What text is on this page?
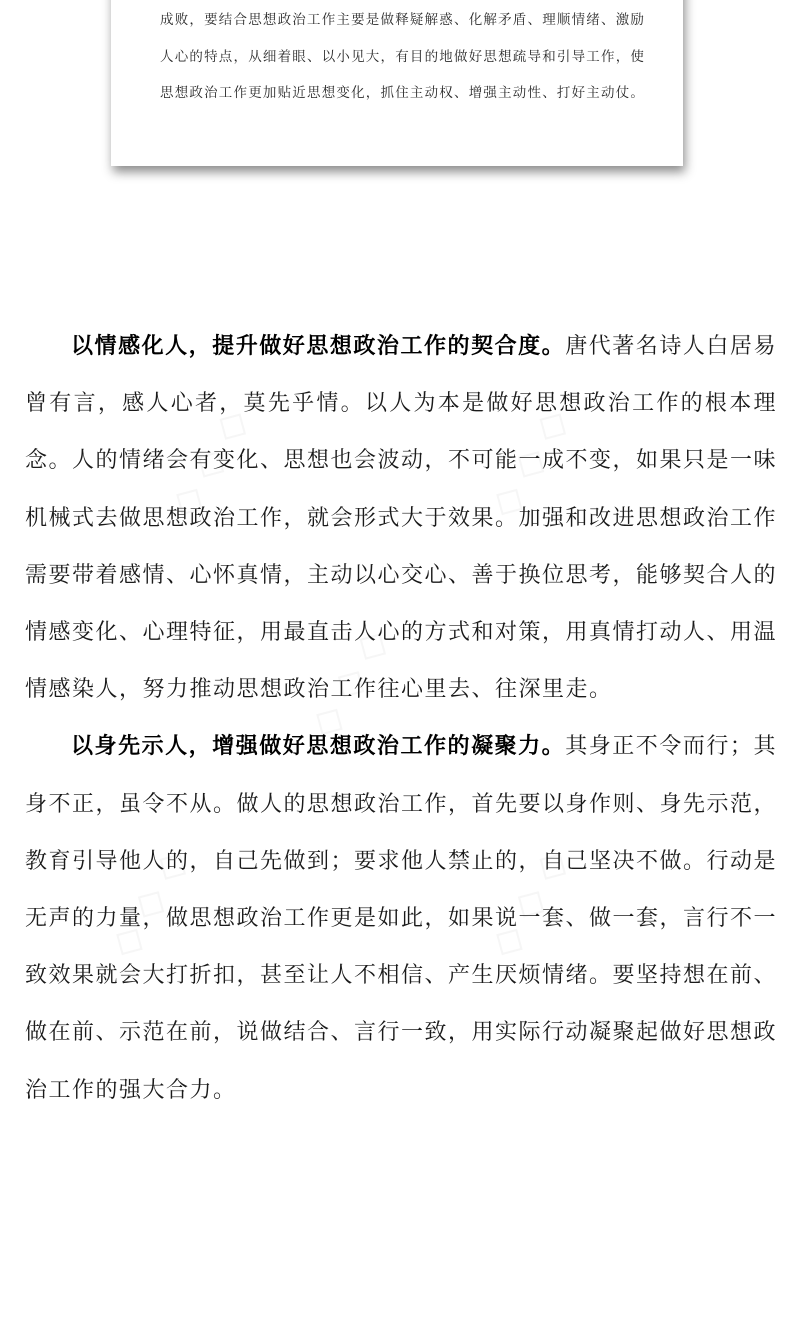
成败，要结合思想政治工作主要是做释疑解惑、化解矛盾、理顺情绪、激励人心的特点，从细着眼、以小见大，有目的地做好思想疏导和引导工作，使思想政治工作更加贴近思想变化，抓住主动权、增强主动性、打好主动仗。

以情感化人，提升做好思想政治工作的契合度。唐代著名诗人白居易曾有言，感人心者，莫先乎情。以人为本是做好思想政治工作的根本理念。人的情绪会有变化、思想也会波动，不可能一成不变，如果只是一味机械式去做思想政治工作，就会形式大于效果。加强和改进思想政治工作需要带着感情、心怀真情，主动以心交心、善于换位思考，能够契合人的情感变化、心理特征，用最直击人心的方式和对策，用真情打动人、用温情感染人，努力推动思想政治工作往心里去、往深里走。

以身先示人，增强做好思想政治工作的凝聚力。其身正不令而行；其身不正，虽令不从。做人的思想政治工作，首先要以身作则、身先示范，教育引导他人的，自己先做到；要求他人禁止的，自己坚决不做。行动是无声的力量，做思想政治工作更是如此，如果说一套、做一套，言行不一致效果就会大打折扣，甚至让人不相信、产生厌烦情绪。要坚持想在前、做在前、示范在前，说做结合、言行一致，用实际行动凝聚起做好思想政治工作的强大合力。
